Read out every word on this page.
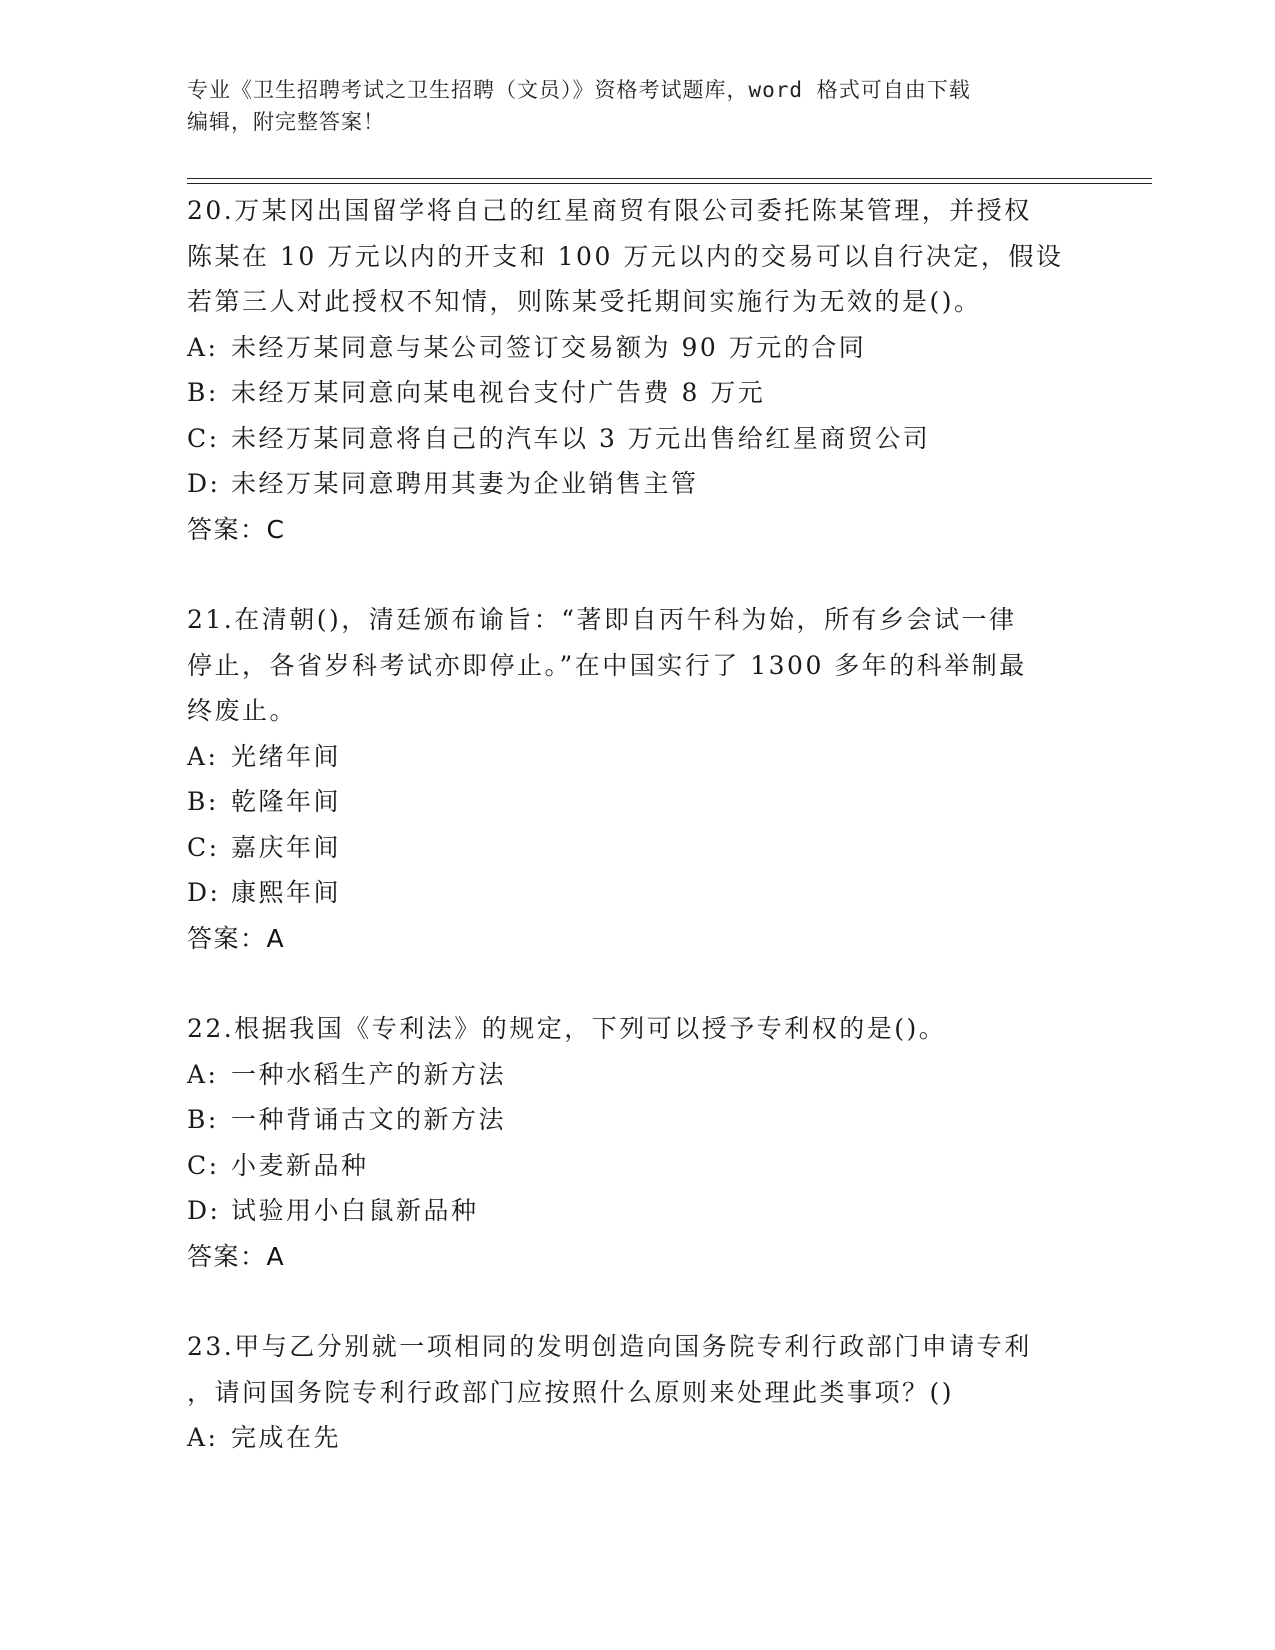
专业《卫生招聘考试之卫生招聘（文员）》资格考试题库，word 格式可自由下载
编辑，附完整答案！

20.万某冈出国留学将自己的红星商贸有限公司委托陈某管理，并授权

陈某在 10 万元以内的开支和 100 万元以内的交易可以自行决定，假设

若第三人对此授权不知情，则陈某受托期间实施行为无效的是()。

A: 未经万某同意与某公司签订交易额为 90 万元的合同

B: 未经万某同意向某电视台支付广告费 8 万元

C: 未经万某同意将自己的汽车以 3 万元出售给红星商贸公司

D: 未经万某同意聘用其妻为企业销售主管

答案：C

21.在清朝()，清廷颁布谕旨：“著即自丙午科为始，所有乡会试一律

停止，各省岁科考试亦即停止。”在中国实行了 1300 多年的科举制最

终废止。

A: 光绪年间

B: 乾隆年间

C: 嘉庆年间

D: 康熙年间

答案：A

22.根据我国《专利法》的规定，下列可以授予专利权的是()。

A: 一种水稻生产的新方法

B: 一种背诵古文的新方法

C: 小麦新品种

D: 试验用小白鼠新品种

答案：A

23.甲与乙分别就一项相同的发明创造向国务院专利行政部门申请专利

，请问国务院专利行政部门应按照什么原则来处理此类事项？()

A: 完成在先
